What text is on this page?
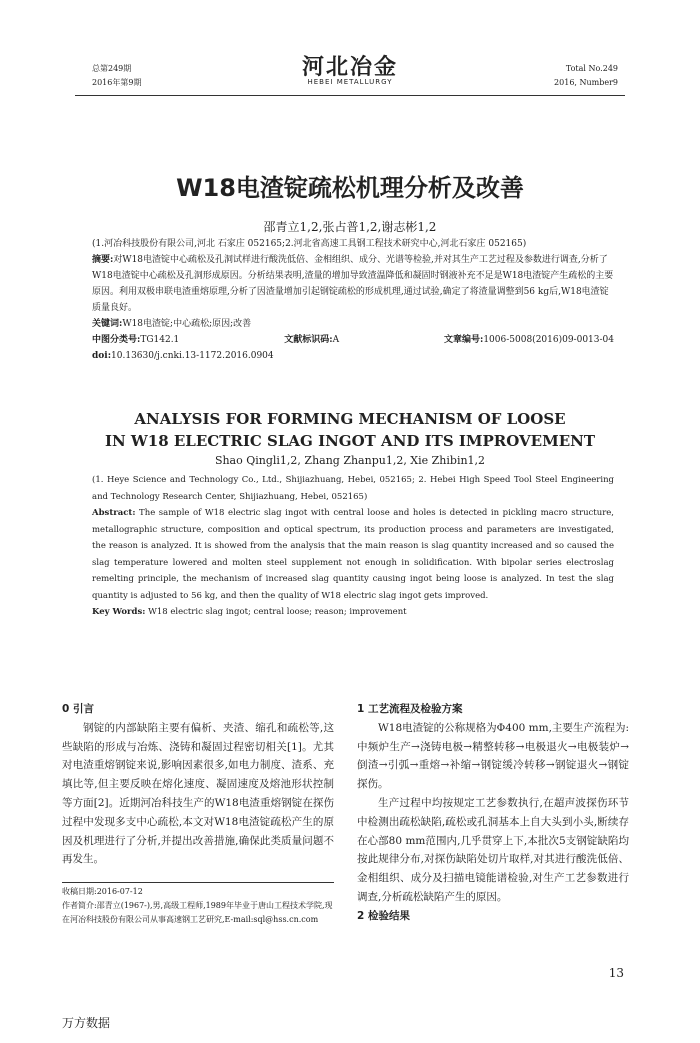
总第249期
2016年第9期
河北冶金
HEBEI METALLURGY
Total No.249
2016, Number9
W18电渣锭疏松机理分析及改善
邵青立1,2,张占普1,2,谢志彬1,2

(1.河冶科技股份有限公司,河北 石家庄 052165;2.河北省高速工具钢工程技术研究中心,河北石家庄 052165)

摘要:对W18电渣锭中心疏松及孔洞试样进行酸洗低倍、金相组织、成分、光谱等检验,并对其生产工艺过程及参数进行调查,分析了W18电渣锭中心疏松及孔洞形成原因。分析结果表明,渣量的增加导致渣温降低和凝固时钢液补充不足是W18电渣锭产生疏松的主要原因。利用双极串联电渣重熔原理,分析了因渣量增加引起钢锭疏松的形成机理,通过试验,确定了将渣量调整到56 kg后,W18电渣锭质量良好。

关键词:W18电渣锭;中心疏松;原因;改善

中图分类号:TG142.1	文献标识码:A	文章编号:1006-5008(2016)09-0013-04

doi:10.13630/j.cnki.13-1172.2016.0904

ANALYSIS FOR FORMING MECHANISM OF LOOSE
IN W18 ELECTRIC SLAG INGOT AND ITS IMPROVEMENT
Shao Qingli1,2, Zhang Zhanpu1,2, Xie Zhibin1,2

(1. Heye Science and Technology Co., Ltd., Shijiazhuang, Hebei, 052165; 2. Hebei High Speed Tool Steel Engineering and Technology Research Center, Shijiazhuang, Hebei, 052165)

Abstract: The sample of W18 electric slag ingot with central loose and holes is detected in pickling macro structure, metallographic structure, composition and optical spectrum, its production process and parameters are investigated, the reason is analyzed. It is showed from the analysis that the main reason is slag quantity increased and so caused the slag temperature lowered and molten steel supplement not enough in solidification. With bipolar series electroslag remelting principle, the mechanism of increased slag quantity causing ingot being loose is analyzed. In test the slag quantity is adjusted to 56 kg, and then the quality of W18 electric slag ingot gets improved.

Key Words: W18 electric slag ingot; central loose; reason; improvement

0 引言

钢锭的内部缺陷主要有偏析、夹渣、缩孔和疏松等,这些缺陷的形成与冶炼、浇铸和凝固过程密切相关[1]。尤其对电渣重熔钢锭来说,影响因素很多,如电力制度、渣系、充填比等,但主要反映在熔化速度、凝固速度及熔池形状控制等方面[2]。近期河冶科技生产的W18电渣重熔钢锭在探伤过程中发现多支中心疏松,本文对W18电渣锭疏松产生的原因及机理进行了分析,并提出改善措施,确保此类质量问题不再发生。

收稿日期:2016-07-12

作者简介:邵青立(1967-),男,高级工程师,1989年毕业于唐山工程技术学院,现在河冶科技股份有限公司从事高速钢工艺研究,E-mail:sql@hss.cn.com

1 工艺流程及检验方案

W18电渣锭的公称规格为Φ400 mm,主要生产流程为:中频炉生产→浇铸电极→精整转移→电极退火→电极装炉→倒渣→引弧→重熔→补缩→钢锭缓冷转移→钢锭退火→钢锭探伤。

生产过程中均按规定工艺参数执行,在超声波探伤环节中检测出疏松缺陷,疏松或孔洞基本上自大头到小头,断续存在心部80 mm范围内,几乎贯穿上下,本批次5支钢锭缺陷均按此规律分布,对探伤缺陷处切片取样,对其进行酸洗低倍、金相组织、成分及扫描电镜能谱检验,对生产工艺参数进行调查,分析疏松缺陷产生的原因。

2 检验结果

13
万方数据
